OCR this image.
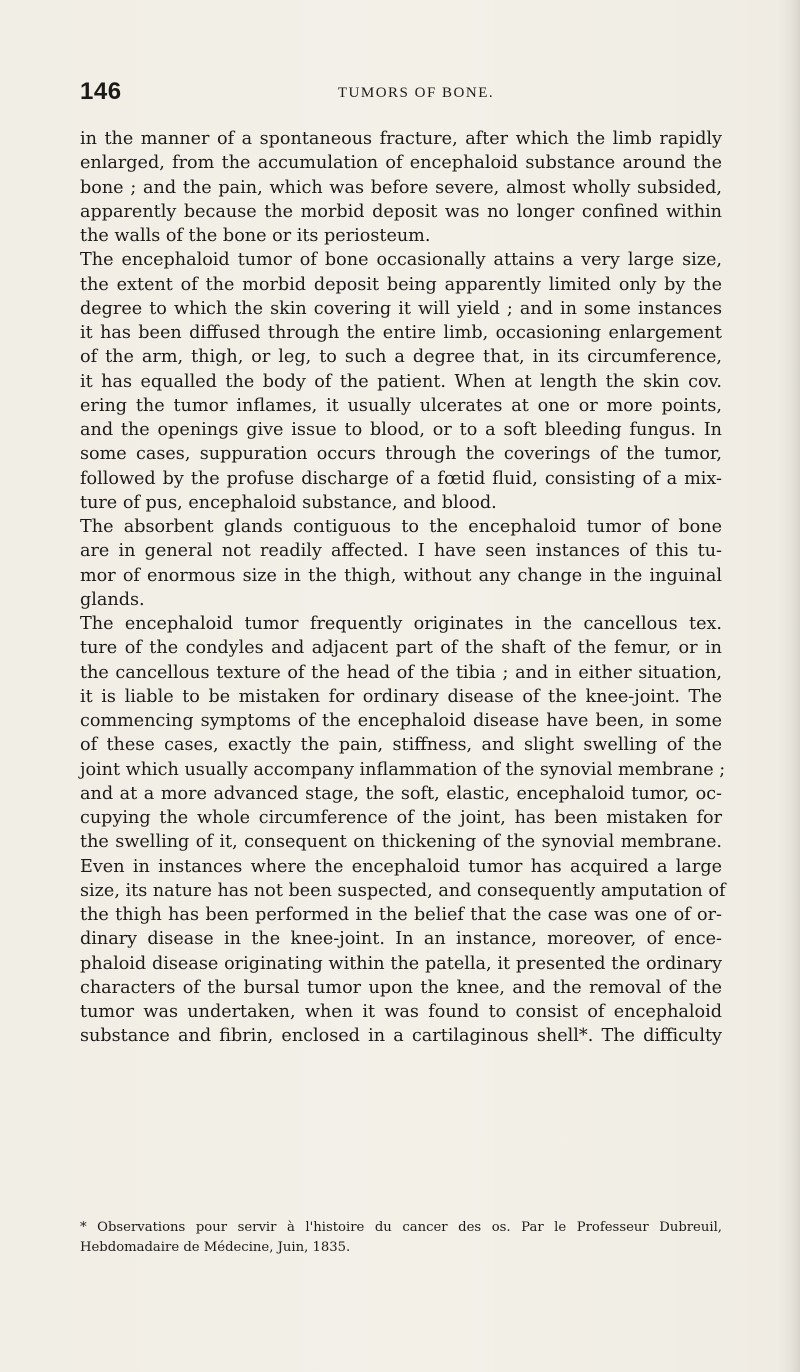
146	TUMORS OF BONE.
in the manner of a spontaneous fracture, after which the limb rapidly
enlarged, from the accumulation of encephaloid substance around the
bone ; and the pain, which was before severe, almost wholly subsided,
apparently because the morbid deposit was no longer confined within
the walls of the bone or its periosteum.
The encephaloid tumor of bone occasionally attains a very large size,
the extent of the morbid deposit being apparently limited only by the
degree to which the skin covering it will yield ; and in some instances
it has been diffused through the entire limb, occasioning enlargement
of the arm, thigh, or leg, to such a degree that, in its circumference,
it has equalled the body of the patient. When at length the skin cov.
ering the tumor inflames, it usually ulcerates at one or more points,
and the openings give issue to blood, or to a soft bleeding fungus. In
some cases, suppuration occurs through the coverings of the tumor,
followed by the profuse discharge of a fœtid fluid, consisting of a mix-
ture of pus, encephaloid substance, and blood.
The absorbent glands contiguous to the encephaloid tumor of bone
are in general not readily affected. I have seen instances of this tu-
mor of enormous size in the thigh, without any change in the inguinal
glands.
The encephaloid tumor frequently originates in the cancellous tex.
ture of the condyles and adjacent part of the shaft of the femur, or in
the cancellous texture of the head of the tibia ; and in either situation,
it is liable to be mistaken for ordinary disease of the knee-joint. The
commencing symptoms of the encephaloid disease have been, in some
of these cases, exactly the pain, stiffness, and slight swelling of the
joint which usually accompany inflammation of the synovial membrane ;
and at a more advanced stage, the soft, elastic, encephaloid tumor, oc-
cupying the whole circumference of the joint, has been mistaken for
the swelling of it, consequent on thickening of the synovial membrane.
Even in instances where the encephaloid tumor has acquired a large
size, its nature has not been suspected, and consequently amputation of
the thigh has been performed in the belief that the case was one of or-
dinary disease in the knee-joint. In an instance, moreover, of ence-
phaloid disease originating within the patella, it presented the ordinary
characters of the bursal tumor upon the knee, and the removal of the
tumor was undertaken, when it was found to consist of encephaloid
substance and fibrin, enclosed in a cartilaginous shell*. The difficulty
* Observations pour servir à l'histoire du cancer des os. Par le Professeur Dubreuil,
Hebdomadaire de Médecine, Juin, 1835.
